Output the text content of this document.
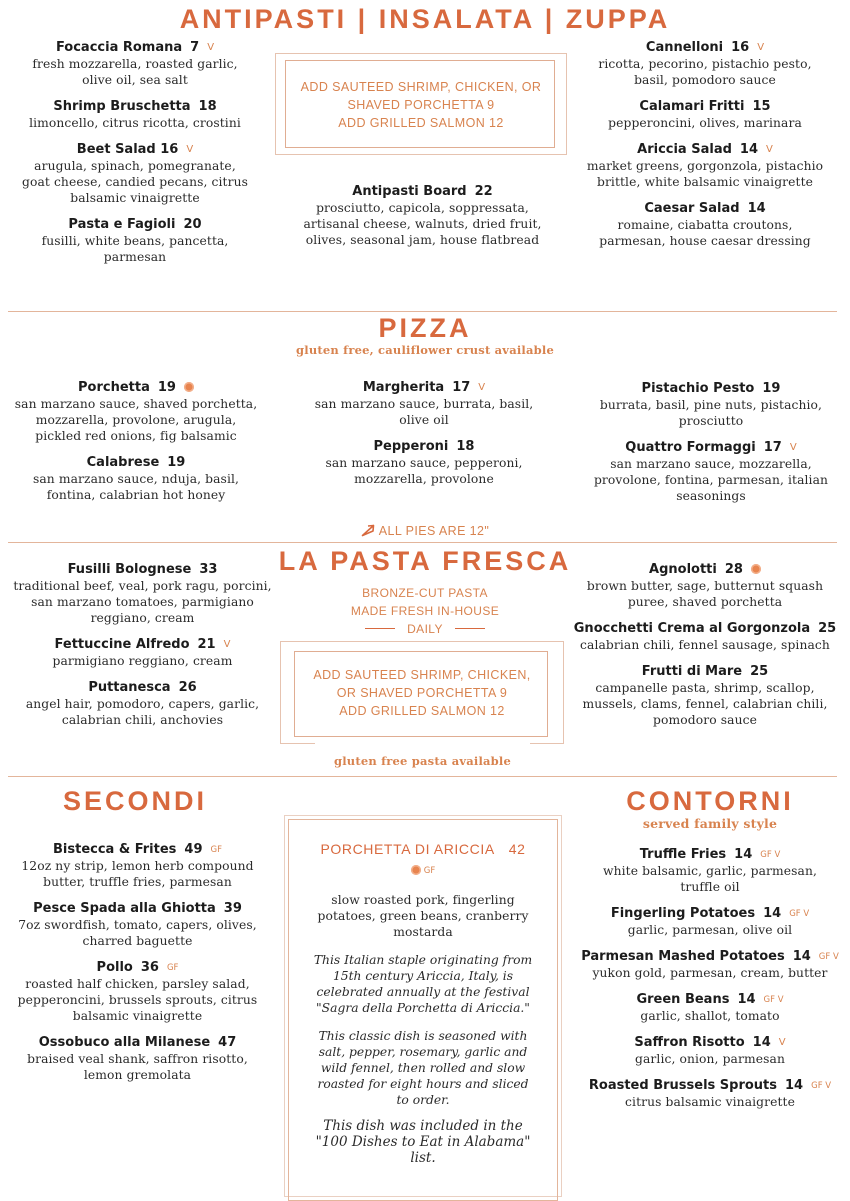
ANTIPASTI | INSALATA | ZUPPA
Focaccia Romana 7 V
fresh mozzarella, roasted garlic,
olive oil, sea salt
Shrimp Bruschetta 18
limoncello, citrus ricotta, crostini
Beet Salad 16 V
arugula, spinach, pomegranate,
goat cheese, candied pecans, citrus
balsamic vinaigrette
Pasta e Fagioli 20
fusilli, white beans, pancetta,
parmesan
ADD SAUTEED SHRIMP, CHICKEN, OR
SHAVED PORCHETTA 9
ADD GRILLED SALMON 12
Antipasti Board 22
prosciutto, capicola, soppressata,
artisanal cheese, walnuts, dried fruit,
olives, seasonal jam, house flatbread
Cannelloni 16 V
ricotta, pecorino, pistachio pesto,
basil, pomodoro sauce
Calamari Fritti 15
pepperoncini, olives, marinara
Ariccia Salad 14 V
market greens, gorgonzola, pistachio
brittle, white balsamic vinaigrette
Caesar Salad 14
romaine, ciabatta croutons,
parmesan, house caesar dressing
PIZZA
gluten free, cauliflower crust available
Porchetta 19
san marzano sauce, shaved porchetta,
mozzarella, provolone, arugula,
pickled red onions, fig balsamic
Calabrese 19
san marzano sauce, nduja, basil,
fontina, calabrian hot honey
Margherita 17 V
san marzano sauce, burrata, basil,
olive oil
Pepperoni 18
san marzano sauce, pepperoni,
mozzarella, provolone
Pistachio Pesto 19
burrata, basil, pine nuts, pistachio,
prosciutto
Quattro Formaggi 17 V
san marzano sauce, mozzarella,
provolone, fontina, parmesan, italian
seasonings
ALL PIES ARE 12"
LA PASTA FRESCA
BRONZE-CUT PASTA
MADE FRESH IN-HOUSE
DAILY
Fusilli Bolognese 33
traditional beef, veal, pork ragu, porcini,
san marzano tomatoes, parmigiano
reggiano, cream
Fettuccine Alfredo 21 V
parmigiano reggiano, cream
Puttanesca 26
angel hair, pomodoro, capers, garlic,
calabrian chili, anchovies
ADD SAUTEED SHRIMP, CHICKEN,
OR SHAVED PORCHETTA 9
ADD GRILLED SALMON 12
gluten free pasta available
Agnolotti 28
brown butter, sage, butternut squash
puree, shaved porchetta
Gnocchetti Crema al Gorgonzola 25
calabrian chili, fennel sausage, spinach
Frutti di Mare 25
campanelle pasta, shrimp, scallop,
mussels, clams, fennel, calabrian chili,
pomodoro sauce
SECONDI
Bistecca & Frites 49 GF
12oz ny strip, lemon herb compound
butter, truffle fries, parmesan
Pesce Spada alla Ghiotta 39
7oz swordfish, tomato, capers, olives,
charred baguette
Pollo 36 GF
roasted half chicken, parsley salad,
pepperoncini, brussels sprouts, citrus
balsamic vinaigrette
Ossobuco alla Milanese 47
braised veal shank, saffron risotto,
lemon gremolata
PORCHETTA DI ARICCIA 42
GF
slow roasted pork, fingerling
potatoes, green beans, cranberry
mostarda
This Italian staple originating from
15th century Ariccia, Italy, is
celebrated annually at the festival
"Sagra della Porchetta di Ariccia."
This classic dish is seasoned with
salt, pepper, rosemary, garlic and
wild fennel, then rolled and slow
roasted for eight hours and sliced
to order.
This dish was included in the
"100 Dishes to Eat in Alabama"
list.
CONTORNI
served family style
Truffle Fries 14 GF V
white balsamic, garlic, parmesan,
truffle oil
Fingerling Potatoes 14 GF V
garlic, parmesan, olive oil
Parmesan Mashed Potatoes 14 GF V
yukon gold, parmesan, cream, butter
Green Beans 14 GF V
garlic, shallot, tomato
Saffron Risotto 14 V
garlic, onion, parmesan
Roasted Brussels Sprouts 14 GF V
citrus balsamic vinaigrette
